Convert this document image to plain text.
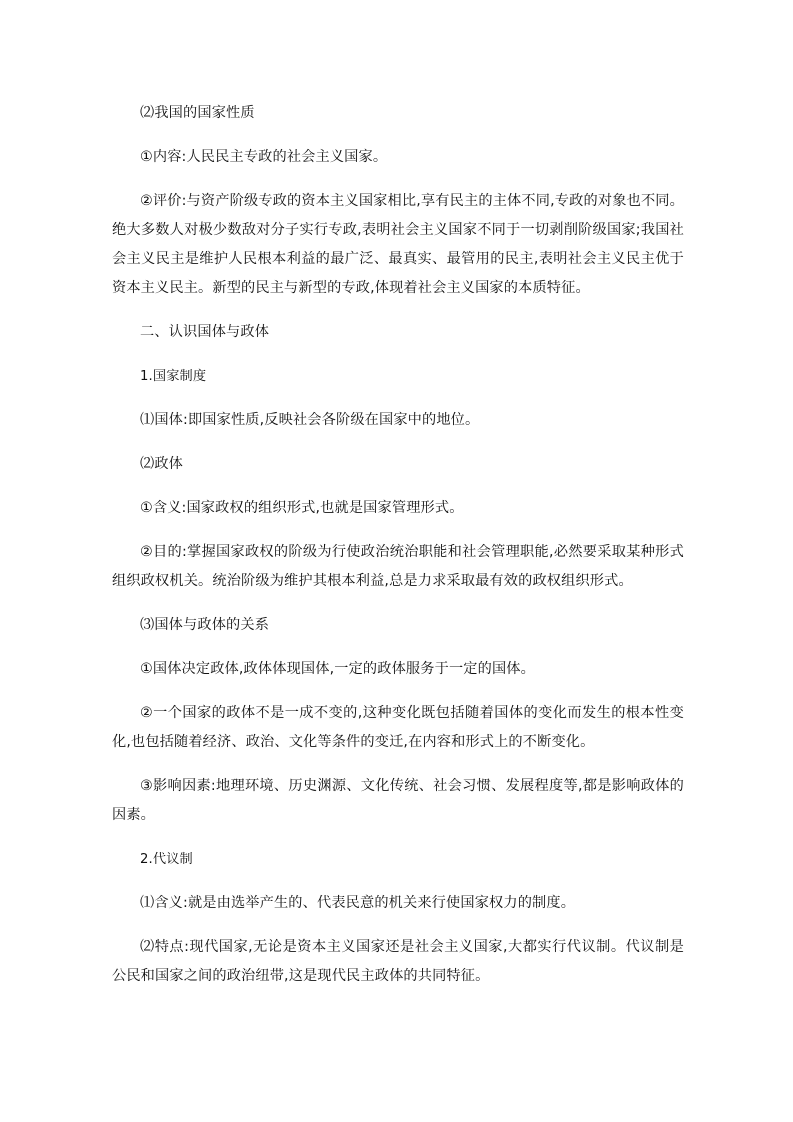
⑵我国的国家性质

①内容:人民民主专政的社会主义国家。

②评价:与资产阶级专政的资本主义国家相比,享有民主的主体不同,专政的对象也不同。绝大多数人对极少数敌对分子实行专政,表明社会主义国家不同于一切剥削阶级国家;我国社会主义民主是维护人民根本利益的最广泛、最真实、最管用的民主,表明社会主义民主优于资本主义民主。新型的民主与新型的专政,体现着社会主义国家的本质特征。

二、认识国体与政体

1.国家制度

⑴国体:即国家性质,反映社会各阶级在国家中的地位。

⑵政体

①含义:国家政权的组织形式,也就是国家管理形式。

②目的:掌握国家政权的阶级为行使政治统治职能和社会管理职能,必然要采取某种形式组织政权机关。统治阶级为维护其根本利益,总是力求采取最有效的政权组织形式。

⑶国体与政体的关系

①国体决定政体,政体体现国体,一定的政体服务于一定的国体。

②一个国家的政体不是一成不变的,这种变化既包括随着国体的变化而发生的根本性变化,也包括随着经济、政治、文化等条件的变迁,在内容和形式上的不断变化。

③影响因素:地理环境、历史渊源、文化传统、社会习惯、发展程度等,都是影响政体的因素。

2.代议制

⑴含义:就是由选举产生的、代表民意的机关来行使国家权力的制度。

⑵特点:现代国家,无论是资本主义国家还是社会主义国家,大都实行代议制。代议制是公民和国家之间的政治纽带,这是现代民主政体的共同特征。
